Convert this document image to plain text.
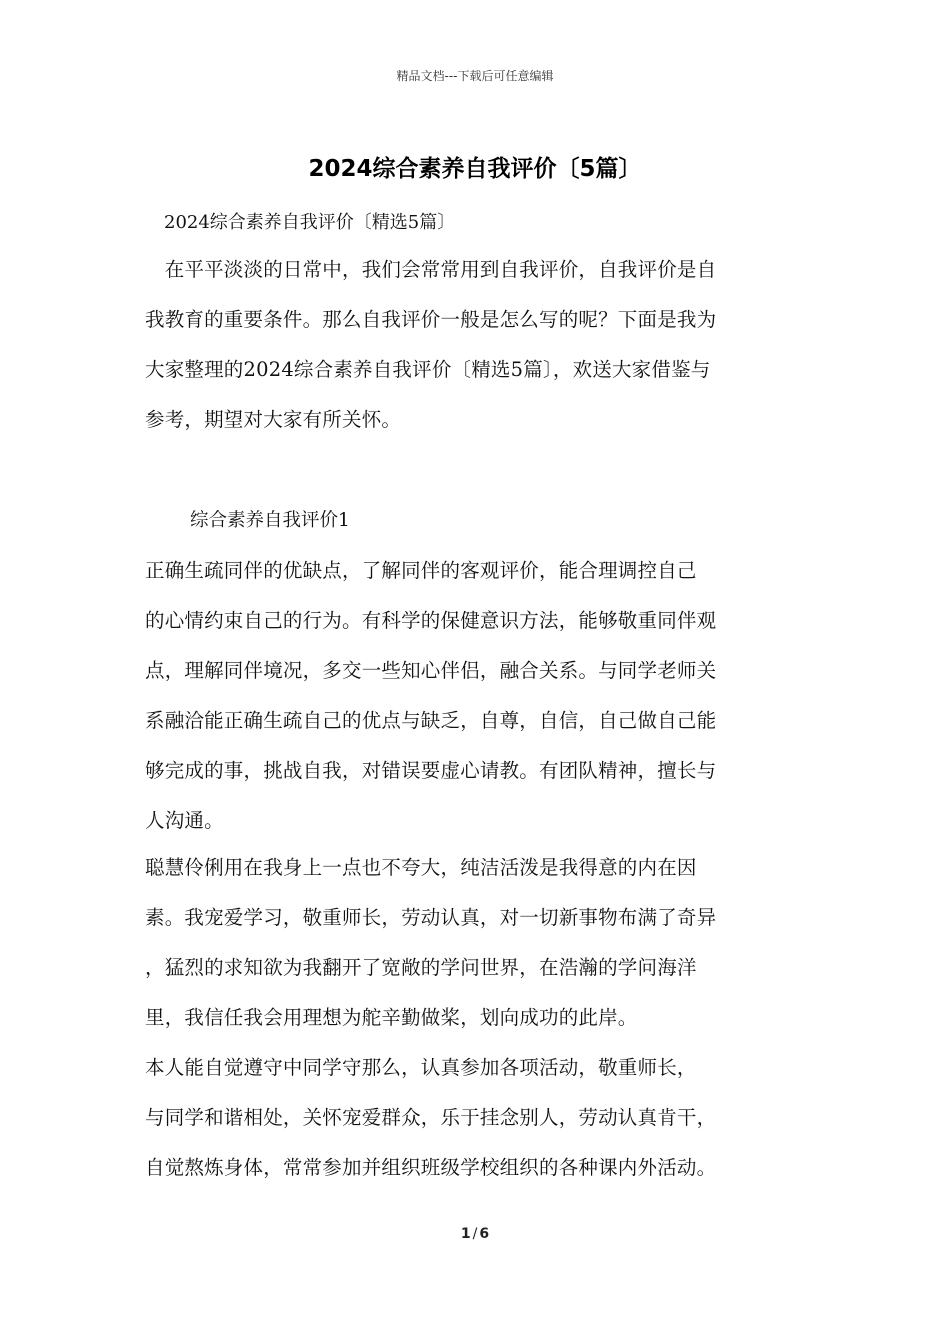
精品文档---下载后可任意编辑
2024综合素养自我评价〔5篇〕
2024综合素养自我评价〔精选5篇〕
　在平平淡淡的日常中，我们会常常用到自我评价，自我评价是自
我教育的重要条件。那么自我评价一般是怎么写的呢？下面是我为
大家整理的2024综合素养自我评价〔精选5篇〕，欢送大家借鉴与
参考，期望对大家有所关怀。
综合素养自我评价1
正确生疏同伴的优缺点，了解同伴的客观评价，能合理调控自己
的心情约束自己的行为。有科学的保健意识方法，能够敬重同伴观
点，理解同伴境况，多交一些知心伴侣，融合关系。与同学老师关
系融洽能正确生疏自己的优点与缺乏，自尊，自信，自己做自己能
够完成的事，挑战自我，对错误要虚心请教。有团队精神，擅长与
人沟通。
聪慧伶俐用在我身上一点也不夸大，纯洁活泼是我得意的内在因
素。我宠爱学习，敬重师长，劳动认真，对一切新事物布满了奇异
，猛烈的求知欲为我翻开了宽敞的学问世界，在浩瀚的学问海洋
里，我信任我会用理想为舵辛勤做桨，划向成功的此岸。
本人能自觉遵守中同学守那么，认真参加各项活动，敬重师长，
与同学和谐相处，关怀宠爱群众，乐于挂念别人，劳动认真肯干，
自觉熬炼身体，常常参加并组织班级学校组织的各种课内外活动。
1 / 6
